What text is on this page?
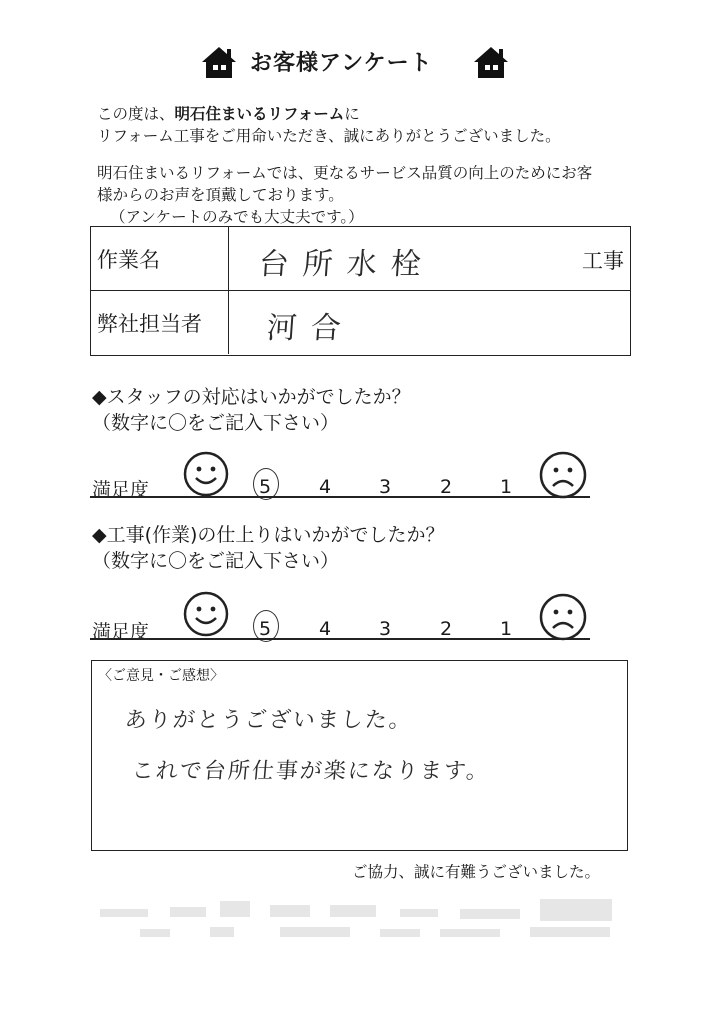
お客様アンケート
この度は、明石住まいるリフォームに
リフォーム工事をご用命いただき、誠にありがとうございました。
明石住まいるリフォームでは、更なるサービス品質の向上のためにお客
様からのお声を頂戴しております。
（アンケートのみでも大丈夫です。）
作業名	台所水栓	工事
弊社担当者	河合
◆スタッフの対応はいかがでしたか？
（数字に〇をご記入下さい）
満足度	5	4	3	2	1
◆工事(作業)の仕上りはいかがでしたか？
（数字に〇をご記入下さい）
満足度	5	4	3	2	1
〈ご意見・ご感想〉
ありがとうございました。
これで台所仕事が楽になります。
ご協力、誠に有難うございました。
